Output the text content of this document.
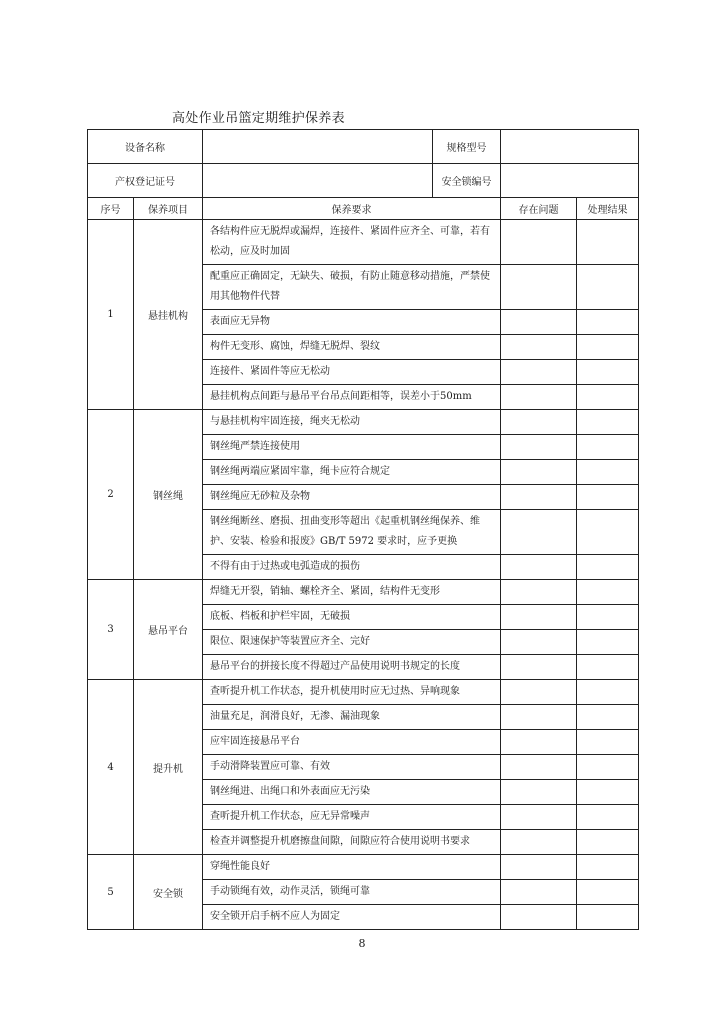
高处作业吊篮定期维护保养表
设备名称			规格型号		
产权登记证号			安全锁编号		
序号	保养项目	保养要求		存在问题	处理结果
1	悬挂机构	各结构件应无脱焊或漏焊，连接件、紧固件应齐全、可靠，若有松动，应及时加固			
		配重应正确固定，无缺失、破损，有防止随意移动措施，严禁使用其他物件代替			
		表面应无异物			
		构件无变形、腐蚀，焊缝无脱焊、裂纹			
		连接件、紧固件等应无松动			
		悬挂机构点间距与悬吊平台吊点间距相等，误差小于50mm			
2	钢丝绳	与悬挂机构牢固连接，绳夹无松动			
		钢丝绳严禁连接使用			
		钢丝绳两端应紧固牢靠，绳卡应符合规定			
		钢丝绳应无砂粒及杂物			
		钢丝绳断丝、磨损、扭曲变形等超出《起重机钢丝绳保养、维护、安装、检验和报废》GB/T 5972 要求时，应予更换			
		不得有由于过热或电弧造成的损伤			
3	悬吊平台	焊缝无开裂，销轴、螺栓齐全、紧固，结构件无变形			
		底板、档板和护栏牢固，无破损			
		限位、限速保护等装置应齐全、完好			
		悬吊平台的拼接长度不得超过产品使用说明书规定的长度			
4	提升机	查听提升机工作状态，提升机使用时应无过热、异响现象			
		油量充足，润滑良好，无渗、漏油现象			
		应牢固连接悬吊平台			
		手动滑降装置应可靠、有效			
		钢丝绳进、出绳口和外表面应无污染			
		查听提升机工作状态，应无异常噪声			
		检查并调整提升机磨擦盘间隙，间隙应符合使用说明书要求			
5	安全锁	穿绳性能良好			
		手动锁绳有效，动作灵活，锁绳可靠			
		安全锁开启手柄不应人为固定			
8
